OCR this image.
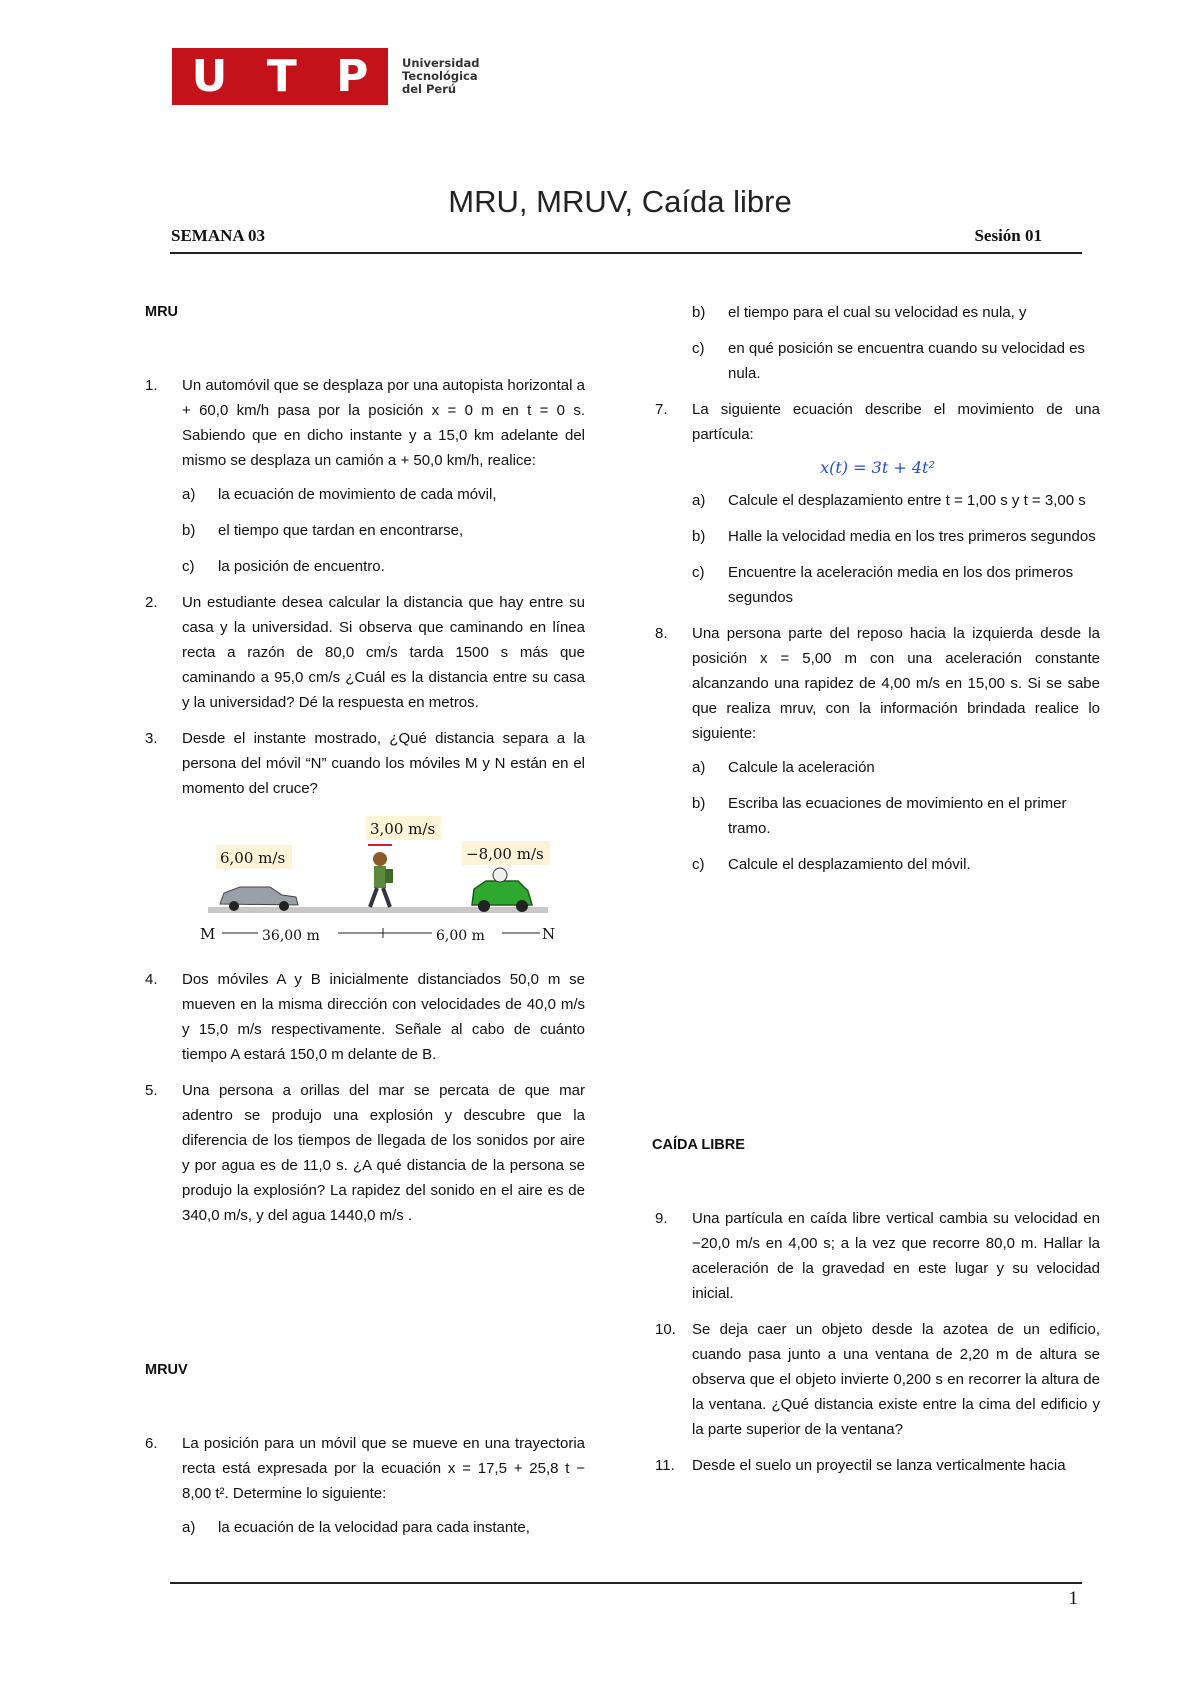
U T P	Universidad
Tecnológica
del Perú
MRU, MRUV, Caída libre
SEMANA 03	Sesión 01

MRU

1. Un automóvil que se desplaza por una autopista horizontal a + 60,0 km/h pasa por la posición x = 0 m en t = 0 s. Sabiendo que en dicho instante y a 15,0 km adelante del mismo se desplaza un camión a + 50,0 km/h, realice:
a) la ecuación de movimiento de cada móvil,
b) el tiempo que tardan en encontrarse,
c) la posición de encuentro.
2. Un estudiante desea calcular la distancia que hay entre su casa y la universidad. Si observa que caminando en línea recta a razón de 80,0 cm/s tarda 1500 s más que caminando a 95,0 cm/s ¿Cuál es la distancia entre su casa y la universidad? Dé la respuesta en metros.
3. Desde el instante mostrado, ¿Qué distancia separa a la persona del móvil “N” cuando los móviles M y N están en el momento del cruce?
3,00 m/s
6,00 m/s	−8,00 m/s
M	N
36,00 m	6,00 m
4. Dos móviles A y B inicialmente distanciados 50,0 m se mueven en la misma dirección con velocidades de 40,0 m/s y 15,0 m/s respectivamente. Señale al cabo de cuánto tiempo A estará 150,0 m delante de B.
5. Una persona a orillas del mar se percata de que mar adentro se produjo una explosión y descubre que la diferencia de los tiempos de llegada de los sonidos por aire y por agua es de 11,0 s. ¿A qué distancia de la persona se produjo la explosión? La rapidez del sonido en el aire es de 340,0 m/s, y del agua 1440,0 m/s .

MRUV

6. La posición para un móvil que se mueve en una trayectoria recta está expresada por la ecuación x = 17,5 + 25,8 t − 8,00 t². Determine lo siguiente:
a) la ecuación de la velocidad para cada instante,
b) el tiempo para el cual su velocidad es nula, y
c) en qué posición se encuentra cuando su velocidad es nula.
7. La siguiente ecuación describe el movimiento de una partícula:

x(t) = 3t + 4t²

a) Calcule el desplazamiento entre t = 1,00 s y t = 3,00 s
b) Halle la velocidad media en los tres primeros segundos
c) Encuentre la aceleración media en los dos primeros segundos
8. Una persona parte del reposo hacia la izquierda desde la posición x = 5,00 m con una aceleración constante alcanzando una rapidez de 4,00 m/s en 15,00 s. Si se sabe que realiza mruv, con la información brindada realice lo siguiente:
a) Calcule la aceleración
b) Escriba las ecuaciones de movimiento en el primer tramo.
c) Calcule el desplazamiento del móvil.

CAÍDA LIBRE

9. Una partícula en caída libre vertical cambia su velocidad en −20,0 m/s en 4,00 s; a la vez que recorre 80,0 m. Hallar la aceleración de la gravedad en este lugar y su velocidad inicial.
10. Se deja caer un objeto desde la azotea de un edificio, cuando pasa junto a una ventana de 2,20 m de altura se observa que el objeto invierte 0,200 s en recorrer la altura de la ventana. ¿Qué distancia existe entre la cima del edificio y la parte superior de la ventana?
11. Desde el suelo un proyectil se lanza verticalmente hacia
1
